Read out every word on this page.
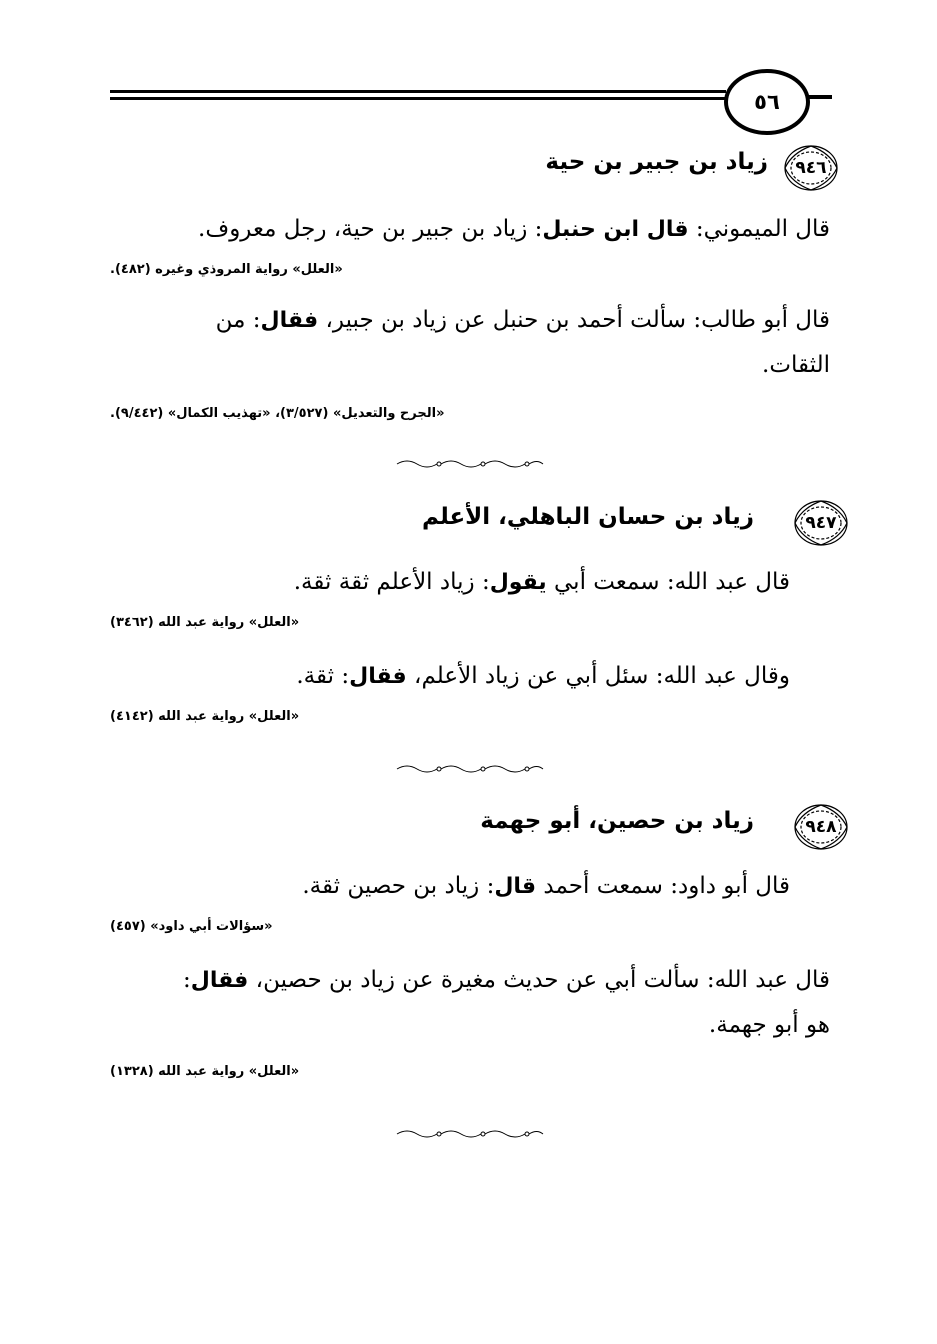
٥٦
٩٤٦
زياد بن جبير بن حية
قال الميموني: قال ابن حنبل: زياد بن جبير بن حية، رجل معروف.
«العلل» رواية المروذي وغيره (٤٨٢).
قال أبو طالب: سألت أحمد بن حنبل عن زياد بن جبير، فقال: من
الثقات.
«الجرح والتعديل» (٣/٥٢٧)، «تهذيب الكمال» (٩/٤٤٢).
٩٤٧
زياد بن حسان الباهلي، الأعلم
قال عبد الله: سمعت أبي يقول: زياد الأعلم ثقة ثقة.
«العلل» رواية عبد الله (٣٤٦٢)
وقال عبد الله: سئل أبي عن زياد الأعلم، فقال: ثقة.
«العلل» رواية عبد الله (٤١٤٢)
٩٤٨
زياد بن حصين، أبو جهمة
قال أبو داود: سمعت أحمد قال: زياد بن حصين ثقة.
«سؤالات أبي داود» (٤٥٧)
قال عبد الله: سألت أبي عن حديث مغيرة عن زياد بن حصين، فقال:
هو أبو جهمة.
«العلل» رواية عبد الله (١٣٢٨)
